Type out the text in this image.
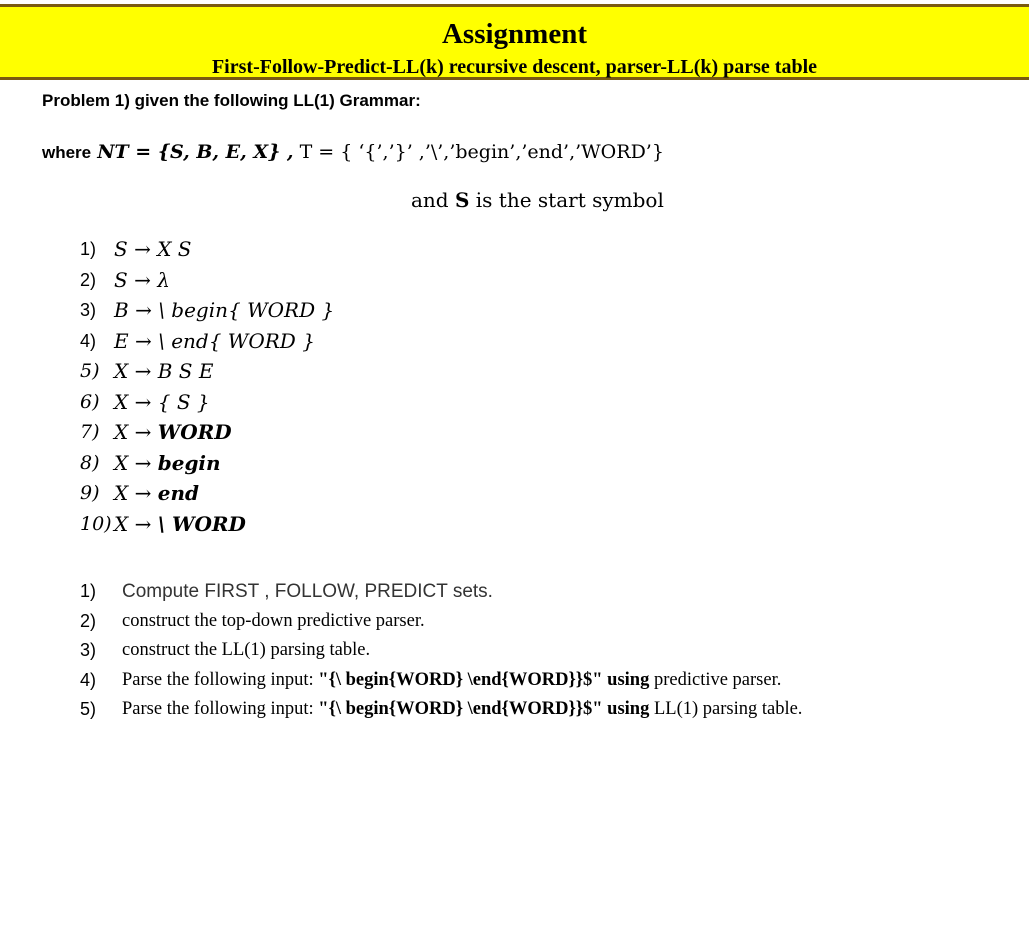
Assignment
First-Follow-Predict-LL(k) recursive descent, parser-LL(k) parse table
Problem 1) given the following LL(1) Grammar:
where NT = {S, B, E, X} , T = { ‘{’,’}’ ,’\’,’begin’,’end’,’WORD’}
and S is the start symbol
1) S → X S
2) S → λ
3) B → \ begin{ WORD }
4) E → \ end{ WORD }
5) X → B S E
6) X → { S }
7) X → WORD
8) X → begin
9) X → end
10) X → \ WORD
1)	Compute FIRST , FOLLOW, PREDICT sets.
2)	construct the top-down predictive parser.
3)	construct the LL(1) parsing table.
4)	Parse the following input: "{\ begin{WORD} \end{WORD}}$" using predictive parser.
5)	Parse the following input: "{\ begin{WORD} \end{WORD}}$" using LL(1) parsing table.
